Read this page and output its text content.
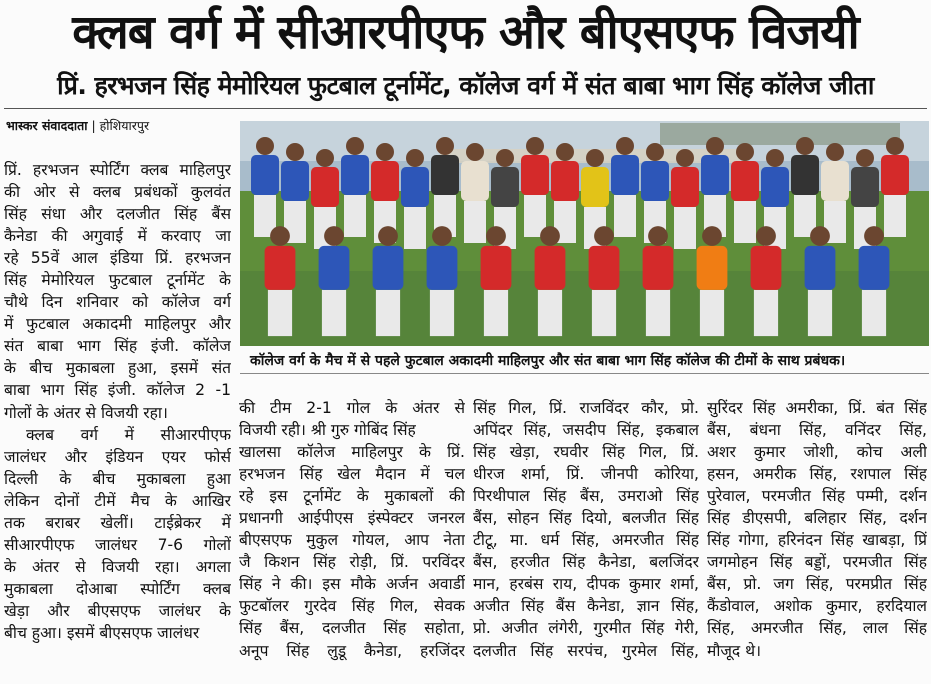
क्लब वर्ग में सीआरपीएफ और बीएसएफ विजयी
प्रिं. हरभजन सिंह मेमोरियल फुटबाल टूर्नामेंट, कॉलेज वर्ग में संत बाबा भाग सिंह कॉलेज जीता
भास्कर संवाददाता | होशियारपुर
कॉलेज वर्ग के मैच में से पहले फुटबाल अकादमी माहिलपुर और संत बाबा भाग सिंह कॉलेज की टीमों के साथ प्रबंधक।
प्रिं. हरभजन स्पोर्टिंग क्लब माहिलपुर
की ओर से क्लब प्रबंधकों कुलवंत
सिंह संधा और दलजीत सिंह बैंस
कैनेडा की अगुवाई में करवाए जा
रहे 55वें आल इंडिया प्रिं. हरभजन
सिंह मेमोरियल फुटबाल टूर्नामेंट के
चौथे दिन शनिवार को कॉलेज वर्ग
में फुटबाल अकादमी माहिलपुर और
संत बाबा भाग सिंह इंजी. कॉलेज
के बीच मुकाबला हुआ, इसमें संत
बाबा भाग सिंह इंजी. कॉलेज 2 -1
गोलों के अंतर से विजयी रहा।
क्लब वर्ग में सीआरपीएफ
जालंधर और इंडियन एयर फोर्स
दिल्ली के बीच मुकाबला हुआ
लेकिन दोनों टीमें मैच के आखिर
तक बराबर खेलीं। टाईब्रेकर में
सीआरपीएफ जालंधर 7-6 गोलों
के अंतर से विजयी रहा। अगला
मुकाबला दोआबा स्पोर्टिंग क्लब
खेड़ा और बीएसएफ जालंधर के
बीच हुआ। इसमें बीएसएफ जालंधर
की टीम 2-1 गोल के अंतर से
विजयी रही। श्री गुरु गोबिंद सिंह
खालसा कॉलेज माहिलपुर के प्रिं.
हरभजन सिंह खेल मैदान में चल
रहे इस टूर्नामेंट के मुकाबलों की
प्रधानगी आईपीएस इंस्पेक्टर जनरल
बीएसएफ मुकुल गोयल, आप नेता
जै किशन सिंह रोड़ी, प्रिं. परविंदर
सिंह ने की। इस मौके अर्जन अवार्डी
फुटबॉलर गुरदेव सिंह गिल, सेवक
सिंह बैंस, दलजीत सिंह सहोता,
अनूप सिंह लुडू कैनेडा, हरजिंदर
सिंह गिल, प्रिं. राजविंदर कौर, प्रो.
अपिंदर सिंह, जसदीप सिंह, इकबाल
सिंह खेड़ा, रघवीर सिंह गिल, प्रिं.
धीरज शर्मा, प्रिं. जीनपी कोरिया,
पिरथीपाल सिंह बैंस, उमराओ सिंह
बैंस, सोहन सिंह दियो, बलजीत सिंह
टीटू, मा. धर्म सिंह, अमरजीत सिंह
बैंस, हरजीत सिंह कैनेडा, बलजिंदर
मान, हरबंस राय, दीपक कुमार शर्मा,
अजीत सिंह बैंस कैनेडा, ज्ञान सिंह,
प्रो. अजीत लंगेरी, गुरमीत सिंह गेरी,
दलजीत सिंह सरपंच, गुरमेल सिंह,
सुरिंदर सिंह अमरीका, प्रिं. बंत सिंह
बैंस, बंधना सिंह, वनिंदर सिंह,
अशर कुमार जोशी, कोच अली
हसन, अमरीक सिंह, रशपाल सिंह
पुरेवाल, परमजीत सिंह पम्मी, दर्शन
सिंह डीएसपी, बलिहार सिंह, दर्शन
सिंह गोगा, हरिनंदन सिंह खाबड़ा, प्रिं
जगमोहन सिंह बड्डों, परमजीत सिंह
बैंस, प्रो. जग सिंह, परमप्रीत सिंह
कैंडोवाल, अशोक कुमार, हरदियाल
सिंह, अमरजीत सिंह, लाल सिंह
मौजूद थे।
